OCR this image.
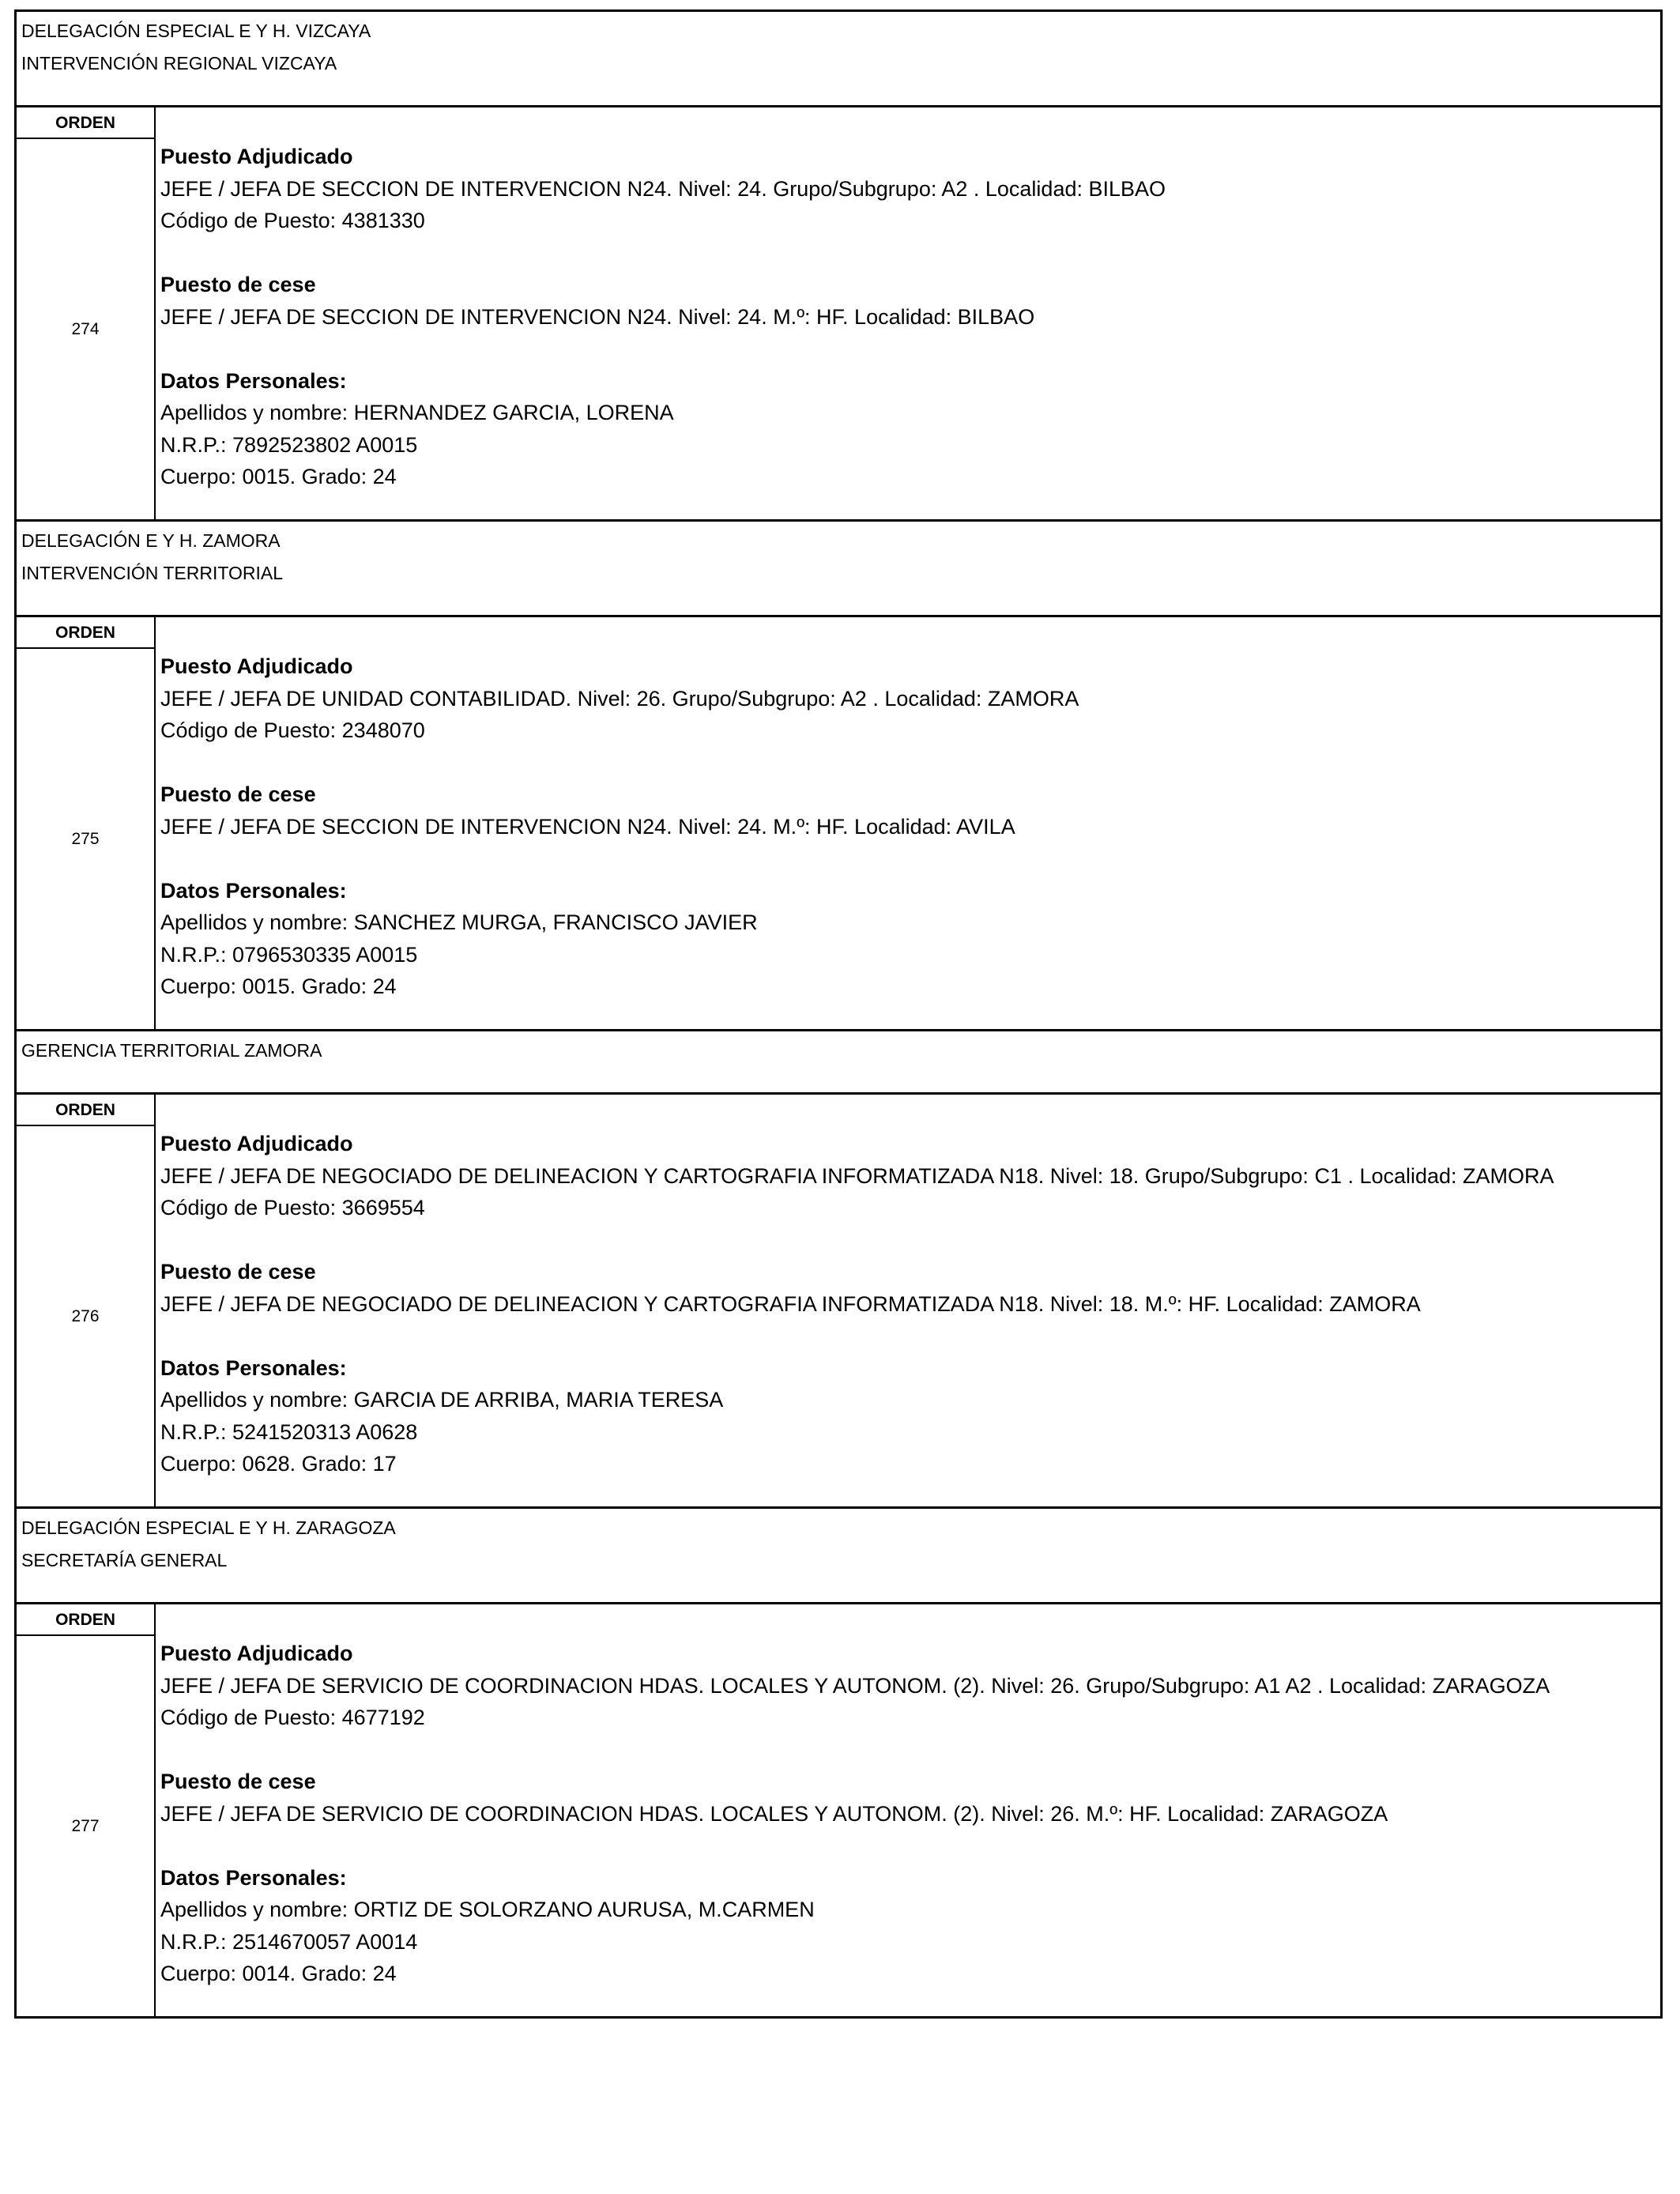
DELEGACIÓN ESPECIAL E Y H. VIZCAYA
INTERVENCIÓN REGIONAL VIZCAYA
ORDEN
274
Puesto Adjudicado
JEFE / JEFA DE SECCION DE INTERVENCION N24. Nivel: 24. Grupo/Subgrupo: A2 . Localidad: BILBAO
Código de Puesto: 4381330
Puesto de cese
JEFE / JEFA DE SECCION DE INTERVENCION N24. Nivel: 24. M.º: HF. Localidad: BILBAO
Datos Personales:
Apellidos y nombre: HERNANDEZ GARCIA, LORENA
N.R.P.: 7892523802 A0015
Cuerpo: 0015. Grado: 24
DELEGACIÓN E Y H. ZAMORA
INTERVENCIÓN TERRITORIAL
ORDEN
275
Puesto Adjudicado
JEFE / JEFA DE UNIDAD CONTABILIDAD. Nivel: 26. Grupo/Subgrupo: A2 . Localidad: ZAMORA
Código de Puesto: 2348070
Puesto de cese
JEFE / JEFA DE SECCION DE INTERVENCION N24. Nivel: 24. M.º: HF. Localidad: AVILA
Datos Personales:
Apellidos y nombre: SANCHEZ MURGA, FRANCISCO JAVIER
N.R.P.: 0796530335 A0015
Cuerpo: 0015. Grado: 24
GERENCIA TERRITORIAL ZAMORA
ORDEN
276
Puesto Adjudicado
JEFE / JEFA DE NEGOCIADO DE DELINEACION Y CARTOGRAFIA INFORMATIZADA N18. Nivel: 18. Grupo/Subgrupo: C1 . Localidad: ZAMORA
Código de Puesto: 3669554
Puesto de cese
JEFE / JEFA DE NEGOCIADO DE DELINEACION Y CARTOGRAFIA INFORMATIZADA N18. Nivel: 18. M.º: HF. Localidad: ZAMORA
Datos Personales:
Apellidos y nombre: GARCIA DE ARRIBA, MARIA TERESA
N.R.P.: 5241520313 A0628
Cuerpo: 0628. Grado: 17
DELEGACIÓN ESPECIAL E Y H. ZARAGOZA
SECRETARÍA GENERAL
ORDEN
277
Puesto Adjudicado
JEFE / JEFA DE SERVICIO DE COORDINACION HDAS. LOCALES Y AUTONOM. (2). Nivel: 26. Grupo/Subgrupo: A1 A2 . Localidad: ZARAGOZA
Código de Puesto: 4677192
Puesto de cese
JEFE / JEFA DE SERVICIO DE COORDINACION HDAS. LOCALES Y AUTONOM. (2). Nivel: 26. M.º: HF. Localidad: ZARAGOZA
Datos Personales:
Apellidos y nombre: ORTIZ DE SOLORZANO AURUSA, M.CARMEN
N.R.P.: 2514670057 A0014
Cuerpo: 0014. Grado: 24
